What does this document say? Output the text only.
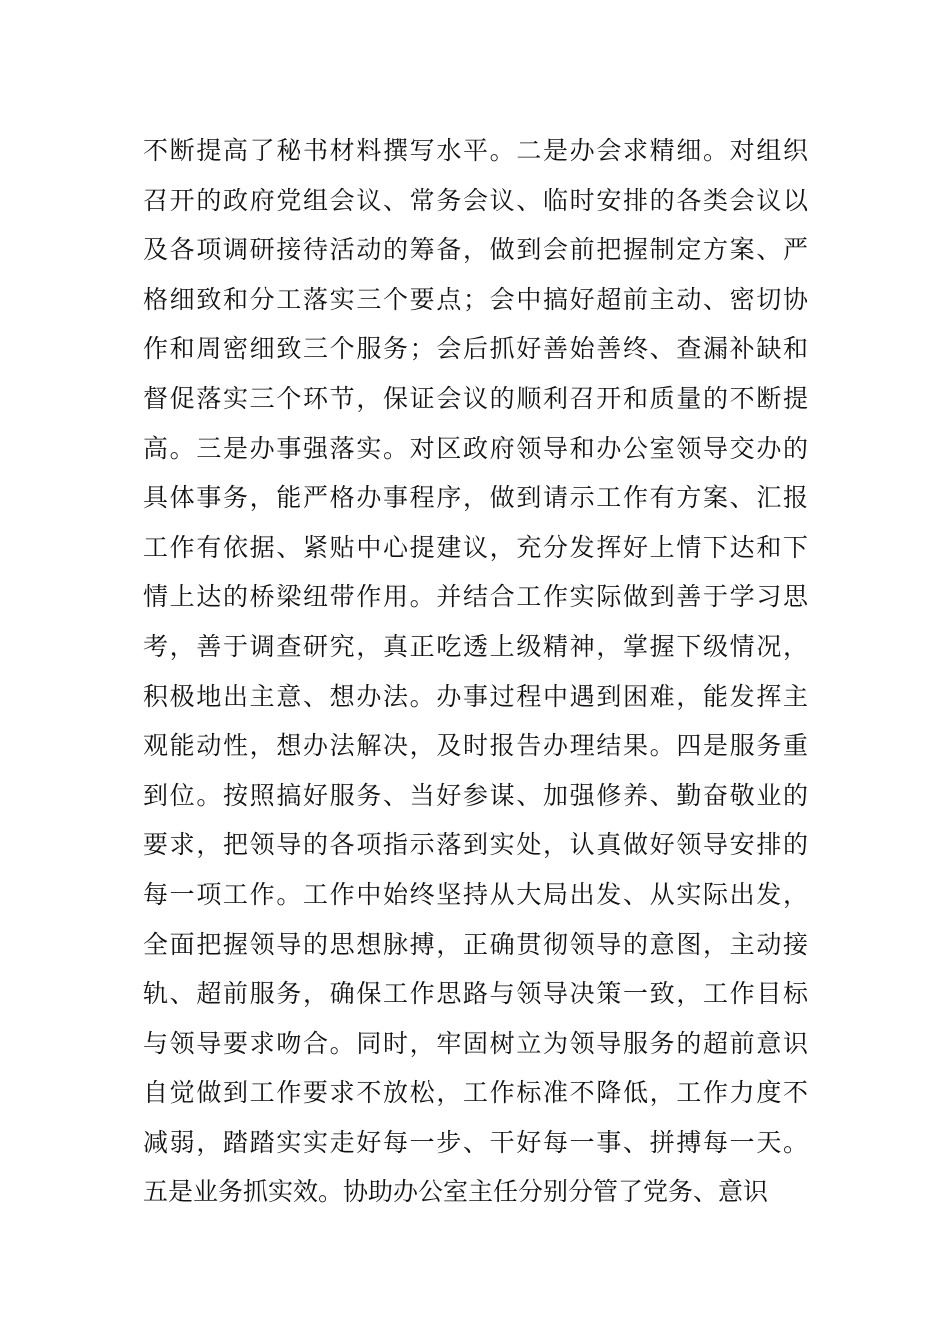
不断提高了秘书材料撰写水平。二是办会求精细。对组织
召开的政府党组会议、常务会议、临时安排的各类会议以
及各项调研接待活动的筹备，做到会前把握制定方案、严
格细致和分工落实三个要点；会中搞好超前主动、密切协
作和周密细致三个服务；会后抓好善始善终、查漏补缺和
督促落实三个环节，保证会议的顺利召开和质量的不断提
高。三是办事强落实。对区政府领导和办公室领导交办的
具体事务，能严格办事程序，做到请示工作有方案、汇报
工作有依据、紧贴中心提建议，充分发挥好上情下达和下
情上达的桥梁纽带作用。并结合工作实际做到善于学习思
考，善于调查研究，真正吃透上级精神，掌握下级情况，
积极地出主意、想办法。办事过程中遇到困难，能发挥主
观能动性，想办法解决，及时报告办理结果。四是服务重
到位。按照搞好服务、当好参谋、加强修养、勤奋敬业的
要求，把领导的各项指示落到实处，认真做好领导安排的
每一项工作。工作中始终坚持从大局出发、从实际出发，
全面把握领导的思想脉搏，正确贯彻领导的意图，主动接
轨、超前服务，确保工作思路与领导决策一致，工作目标
与领导要求吻合。同时，牢固树立为领导服务的超前意识
自觉做到工作要求不放松，工作标准不降低，工作力度不
减弱，踏踏实实走好每一步、干好每一事、拼搏每一天。
五是业务抓实效。协助办公室主任分别分管了党务、意识
